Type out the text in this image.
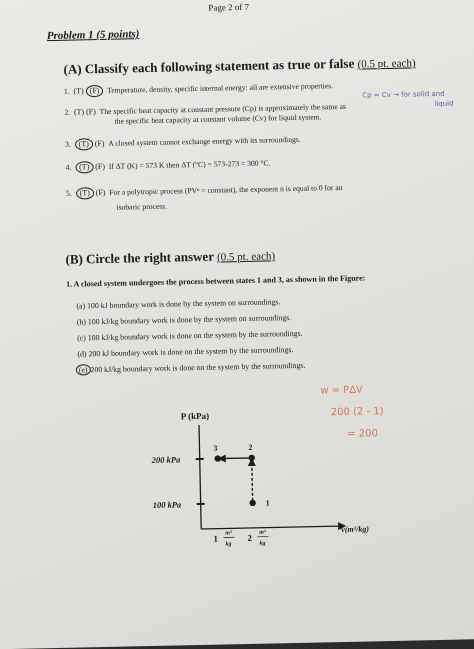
Page 2 of 7
Problem 1 (5 points)
(A) Classify each following statement as true or false (0.5 pt. each)
Cp ≈ Cv → for solid and
liquid
1. (T) (F) Temperature, density, specific internal energy: all are extensive properties.
2. (T) (F) The specific heat capacity at constant pressure (Cp) is approximately the same as
the specific heat capacity at constant volume (Cv) for liquid system.
3. (T) (F) A closed system cannot exchange energy with its surroundings.
4. (T) (F) If ΔT (K) = 573 K then ΔT (°C) = 573-273 = 300 °C.
5. (T) (F) For a polytropic process (PVⁿ = constant), the exponent n is equal to 0 for an
isobaric process.
(B) Circle the right answer (0.5 pt. each)
1. A closed system undergoes the process between states 1 and 3, as shown in the Figure:
(a) 100 kJ boundary work is done by the system on surroundings.
(b) 100 kJ/kg boundary work is done by the system on surroundings.
(c) 100 kJ/kg boundary work is done on the system by the surroundings.
(d) 200 kJ boundary work is done on the system by the surroundings.
(e) 200 kJ/kg boundary work is done on the system by the surroundings.
w = P∆V
200 (2 - 1)
= 200
P (kPa)
200 kPa
100 kPa
3	2
1
1
m³
kg
2
m³
kg
v(m³/kg)
